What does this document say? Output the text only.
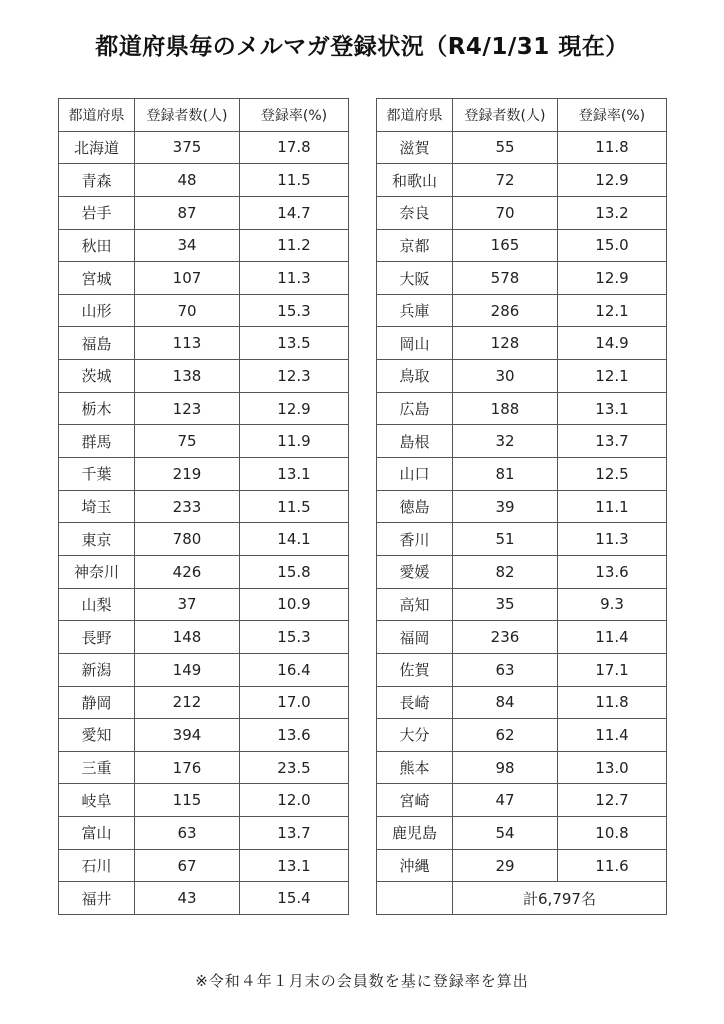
都道府県毎のメルマガ登録状況（R4/1/31 現在）
都道府県	登録者数(人)	登録率(%)
北海道	375	17.8
青森	48	11.5
岩手	87	14.7
秋田	34	11.2
宮城	107	11.3
山形	70	15.3
福島	113	13.5
茨城	138	12.3
栃木	123	12.9
群馬	75	11.9
千葉	219	13.1
埼玉	233	11.5
東京	780	14.1
神奈川	426	15.8
山梨	37	10.9
長野	148	15.3
新潟	149	16.4
静岡	212	17.0
愛知	394	13.6
三重	176	23.5
岐阜	115	12.0
富山	63	13.7
石川	67	13.1
福井	43	15.4
都道府県	登録者数(人)	登録率(%)
滋賀	55	11.8
和歌山	72	12.9
奈良	70	13.2
京都	165	15.0
大阪	578	12.9
兵庫	286	12.1
岡山	128	14.9
鳥取	30	12.1
広島	188	13.1
島根	32	13.7
山口	81	12.5
徳島	39	11.1
香川	51	11.3
愛媛	82	13.6
高知	35	9.3
福岡	236	11.4
佐賀	63	17.1
長崎	84	11.8
大分	62	11.4
熊本	98	13.0
宮崎	47	12.7
鹿児島	54	10.8
沖縄	29	11.6
	計6,797名	
※令和４年１月末の会員数を基に登録率を算出
